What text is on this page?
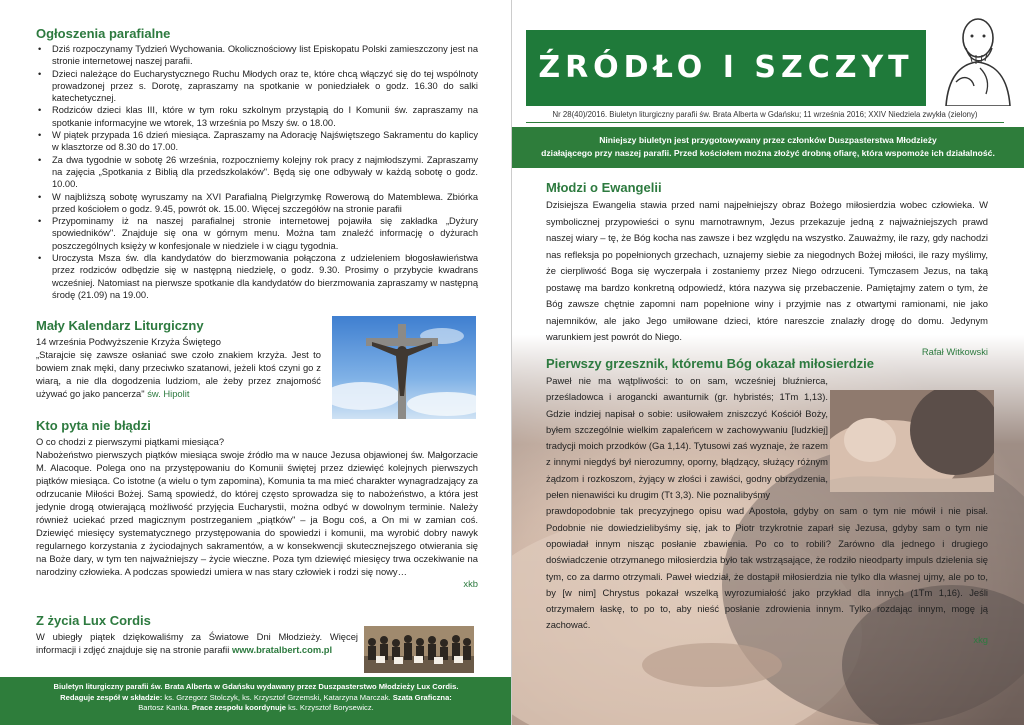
Ogłoszenia parafialne
• Dziś rozpoczynamy Tydzień Wychowania. Okolicznościowy list Episkopatu Polski zamieszczony jest na stronie internetowej naszej parafii.
• Dzieci należące do Eucharystycznego Ruchu Młodych oraz te, które chcą włączyć się do tej wspólnoty prowadzonej przez s. Dorotę, zapraszamy na spotkanie w poniedziałek o godz. 16.30 do salki katechetycznej.
• Rodziców dzieci klas III, które w tym roku szkolnym przystąpią do I Komunii św. zapraszamy na spotkanie informacyjne we wtorek, 13 września po Mszy św. o 18.00.
• W piątek przypada 16 dzień miesiąca. Zapraszamy na Adorację Najświętszego Sakramentu do kaplicy w klasztorze od 8.30 do 17.00.
• Za dwa tygodnie w sobotę 26 września, rozpoczniemy kolejny rok pracy z najmłodszymi. Zapraszamy na zajęcia „Spotkania z Biblią dla przedszkolaków". Będą się one odbywały w każdą sobotę o godz. 10.00.
• W najbliższą sobotę wyruszamy na XVI Parafialną Pielgrzymkę Rowerową do Matemblewa. Zbiórka przed kościołem o godz. 9.45, powrót ok. 15.00. Więcej szczegółów na stronie parafii
• Przypominamy iż na naszej parafialnej stronie internetowej pojawiła się zakładka „Dyżury spowiedników". Znajduje się ona w górnym menu. Można tam znaleźć informację o dyżurach poszczególnych księży w konfesjonale w niedziele i w ciągu tygodnia.
• Uroczysta Msza św. dla kandydatów do bierzmowania połączona z udzieleniem błogosławieństwa przez rodziców odbędzie się w następną niedzielę, o godz. 9.30. Prosimy o przybycie kwadrans wcześniej. Natomiast na pierwsze spotkanie dla kandydatów do bierzmowania zapraszamy w następną środę (21.09) na 19.00.
Mały Kalendarz Liturgiczny
14 września Podwyższenie Krzyża Świętego
„Starajcie się zawsze osłaniać swe czoło znakiem krzyża. Jest to bowiem znak męki, dany przeciwko szatanowi, jeżeli ktoś czyni go z wiarą, a nie dla dogodzenia ludziom, ale żeby przez znajomość używać go jako pancerza" św. Hipolit
Kto pyta nie błądzi
O co chodzi z pierwszymi piątkami miesiąca?
Nabożeństwo pierwszych piątków miesiąca swoje źródło ma w nauce Jezusa objawionej św. Małgorzacie M. Alacoque. Polega ono na przystępowaniu do Komunii świętej przez dziewięć kolejnych pierwszych piątków miesiąca. Co istotne (a wielu o tym zapomina), Komunia ta ma mieć charakter wynagradzający za odrzucanie Miłości Bożej. Samą spowiedź, do której często sprowadza się to nabożeństwo, a która jest jedynie drogą otwierającą możliwość przyjęcia Eucharystii, można odbyć w dowolnym terminie. Należy również uciekać przed magicznym postrzeganiem „piątków" – ja Bogu coś, a On mi w zamian coś. Dziewięć miesięcy systematycznego przystępowania do spowiedzi i komunii, ma wyrobić dobry nawyk regularnego korzystania z życiodajnych sakramentów, a w konsekwencji skutecznejszego otwierania się na Boże dary, w tym ten najważniejszy – życie wieczne. Poza tym dziewięć miesięcy trwa oczekiwanie na narodziny człowieka. A podczas spowiedzi umiera w nas stary człowiek i rodzi się nowy…
xkb
Z życia Lux Cordis
W ubiegły piątek dziękowaliśmy za Światowe Dni Młodzieży. Więcej informacji i zdjęć znajduje się na stronie parafii www.bratalbert.com.pl
Biuletyn liturgiczny parafii św. Brata Alberta w Gdańsku wydawany przez Duszpasterstwo Młodzieży Lux Cordis.
Redaguje zespół w składzie: ks. Grzegorz Stolczyk, ks. Krzysztof Grzemski, Katarzyna Marczak. Szata Graficzna:
Bartosz Kanka. Prace zespołu koordynuje ks. Krzysztof Borysewicz.
ŹRÓDŁO I SZCZYT
Nr 28(40)/2016. Biuletyn liturgiczny parafii św. Brata Alberta w Gdańsku; 11 września 2016; XXIV Niedziela zwykła (zielony)
Niniejszy biuletyn jest przygotowywany przez członków Duszpasterstwa Młodzieży
działającego przy naszej parafii. Przed kościołem można złożyć drobną ofiarę, która wspomoże ich działalność.
Młodzi o Ewangelii
Dzisiejsza Ewangelia stawia przed nami najpełniejszy obraz Bożego miłosierdzia wobec człowieka. W symbolicznej przypowieści o synu marnotrawnym, Jezus przekazuje jedną z najważniejszych prawd naszej wiary – tę, że Bóg kocha nas zawsze i bez względu na wszystko. Zauważmy, ile razy, gdy nachodzi nas refleksja po popełnionych grzechach, uznajemy siebie za niegodnych Bożej miłości, ile razy myślimy, że cierpliwość Boga się wyczerpała i zostaniemy przez Niego odrzuceni. Tymczasem Jezus, na taką postawę ma bardzo konkretną odpowiedź, która nazywa się przebaczenie. Pamiętajmy zatem o tym, że Bóg zawsze chętnie zapomni nam popełnione winy i przyjmie nas z otwartymi ramionami, nie jako najemników, ale jako Jego umiłowane dzieci, które nareszcie znalazły drogę do domu. Jedynym warunkiem jest powrót do Niego.
Rafał Witkowski
Pierwszy grzesznik, któremu Bóg okazał miłosierdzie
Paweł nie ma wątpliwości: to on sam, wcześniej bluźnierca, prześladowca i arogancki awanturnik (gr. hybristés; 1Tm 1,13). Gdzie indziej napisał o sobie: usiłowałem zniszczyć Kościół Boży, byłem szczególnie wielkim zapaleńcem w zachowywaniu [ludzkiej] tradycji moich przodków (Ga 1,14). Tytusowi zaś wyznaje, że razem z innymi niegdyś był nierozumny, oporny, błądzący, służący różnym żądzom i rozkoszom, żyjący w złości i zawiści, godny obrzydzenia, pełen nienawiści ku drugim (Tt 3,3). Nie poznalibyśmy
prawdopodobnie tak precyzyjnego opisu wad Apostoła, gdyby on sam o tym nie mówił i nie pisał. Podobnie nie dowiedzielibyśmy się, jak to Piotr trzykrotnie zaparł się Jezusa, gdyby sam o tym nie opowiadał innym nisząc posłanie zbawienia. Po co to robili? Zarówno dla jednego i drugiego doświadczenie otrzymanego miłosierdzia było tak wstrząsające, że rodziło nieodparty impuls dzielenia się tym, co za darmo otrzymali. Paweł wiedział, że dostąpił miłosierdzia nie tylko dla własnej ujmy, ale po to, by [w nim] Chrystus pokazał wszelką wyrozumiałość jako przykład dla innych (1Tm 1,16). Jeśli otrzymałem łaskę, to po to, aby nieść posłanie zdrowienia innym. Tylko rozdając innym, mogę ją zachować.
xkg
